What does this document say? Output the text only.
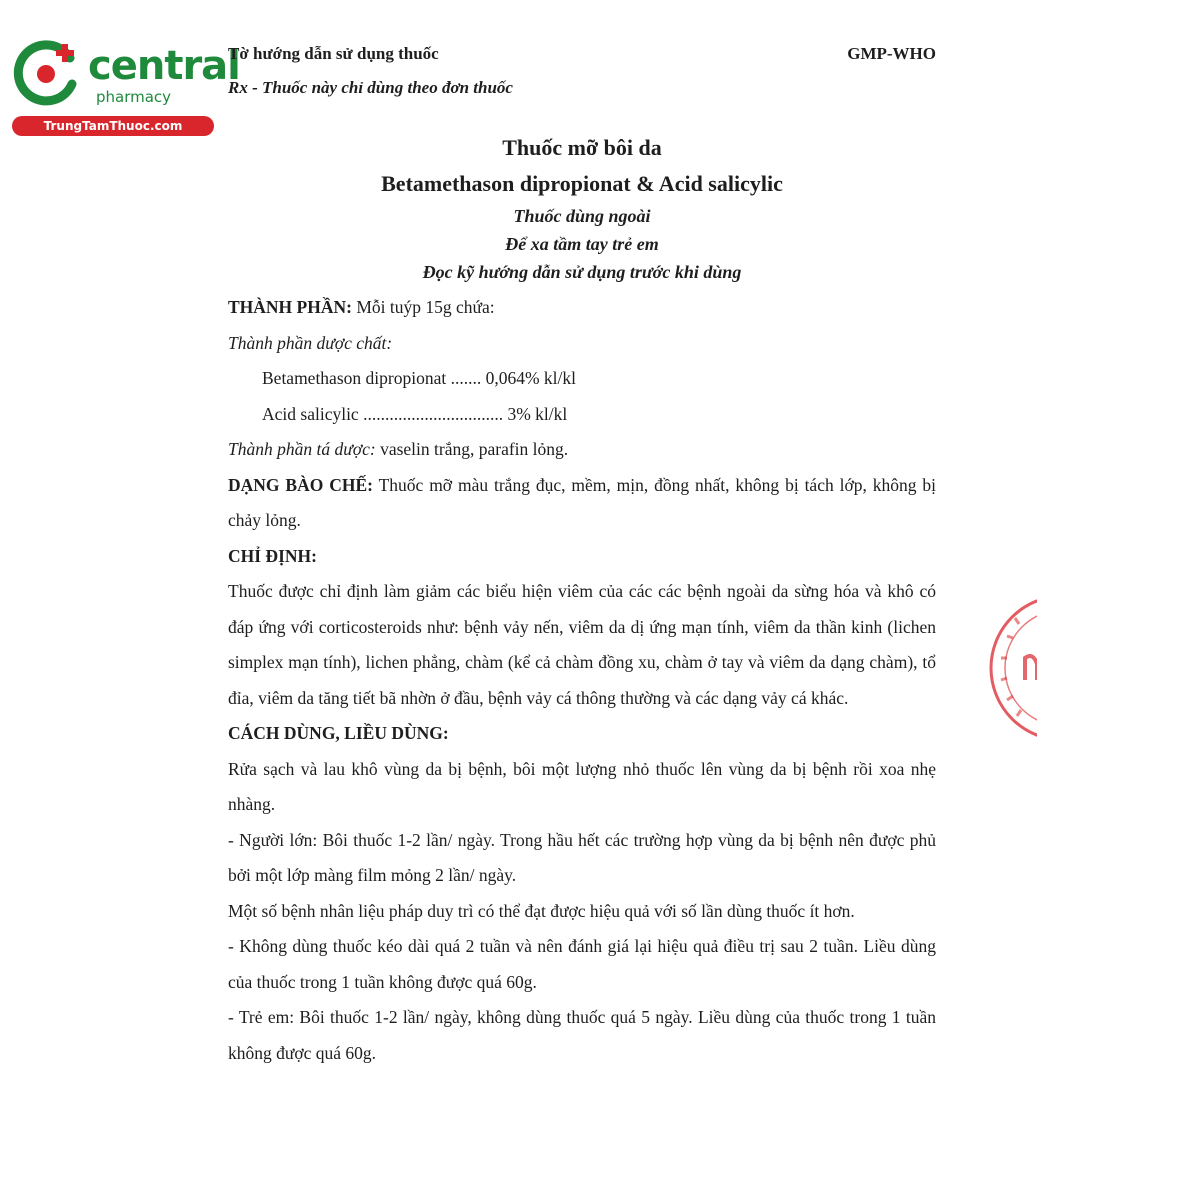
central
pharmacy
TrungTamThuoc.com
Tờ hướng dẫn sử dụng thuốc	GMP-WHO
Rx - Thuốc này chỉ dùng theo đơn thuốc
Thuốc mỡ bôi da
Betamethason dipropionat & Acid salicylic
Thuốc dùng ngoài
Để xa tầm tay trẻ em
Đọc kỹ hướng dẫn sử dụng trước khi dùng

THÀNH PHẦN: Mỗi tuýp 15g chứa:

Thành phần dược chất:

Betamethason dipropionat ....... 0,064% kl/kl

Acid salicylic ................................ 3% kl/kl

Thành phần tá dược: vaselin trắng, parafin lỏng.

DẠNG BÀO CHẾ: Thuốc mỡ màu trắng đục, mềm, mịn, đồng nhất, không bị tách lớp, không bị chảy lỏng.

CHỈ ĐỊNH:

Thuốc được chỉ định làm giảm các biểu hiện viêm của các các bệnh ngoài da sừng hóa và khô có đáp ứng với corticosteroids như: bệnh vảy nến, viêm da dị ứng mạn tính, viêm da thần kinh (lichen simplex mạn tính), lichen phẳng, chàm (kể cả chàm đồng xu, chàm ở tay và viêm da dạng chàm), tổ đỉa, viêm da tăng tiết bã nhờn ở đầu, bệnh vảy cá thông thường và các dạng vảy cá khác.

CÁCH DÙNG, LIỀU DÙNG:

Rửa sạch và lau khô vùng da bị bệnh, bôi một lượng nhỏ thuốc lên vùng da bị bệnh rồi xoa nhẹ nhàng.

- Người lớn: Bôi thuốc 1-2 lần/ ngày. Trong hầu hết các trường hợp vùng da bị bệnh nên được phủ bởi một lớp màng film mỏng 2 lần/ ngày.

Một số bệnh nhân liệu pháp duy trì có thể đạt được hiệu quả với số lần dùng thuốc ít hơn.

- Không dùng thuốc kéo dài quá 2 tuần và nên đánh giá lại hiệu quả điều trị sau 2 tuần. Liều dùng của thuốc trong 1 tuần không được quá 60g.

- Trẻ em: Bôi thuốc 1-2 lần/ ngày, không dùng thuốc quá 5 ngày. Liều dùng của thuốc trong 1 tuần không được quá 60g.
